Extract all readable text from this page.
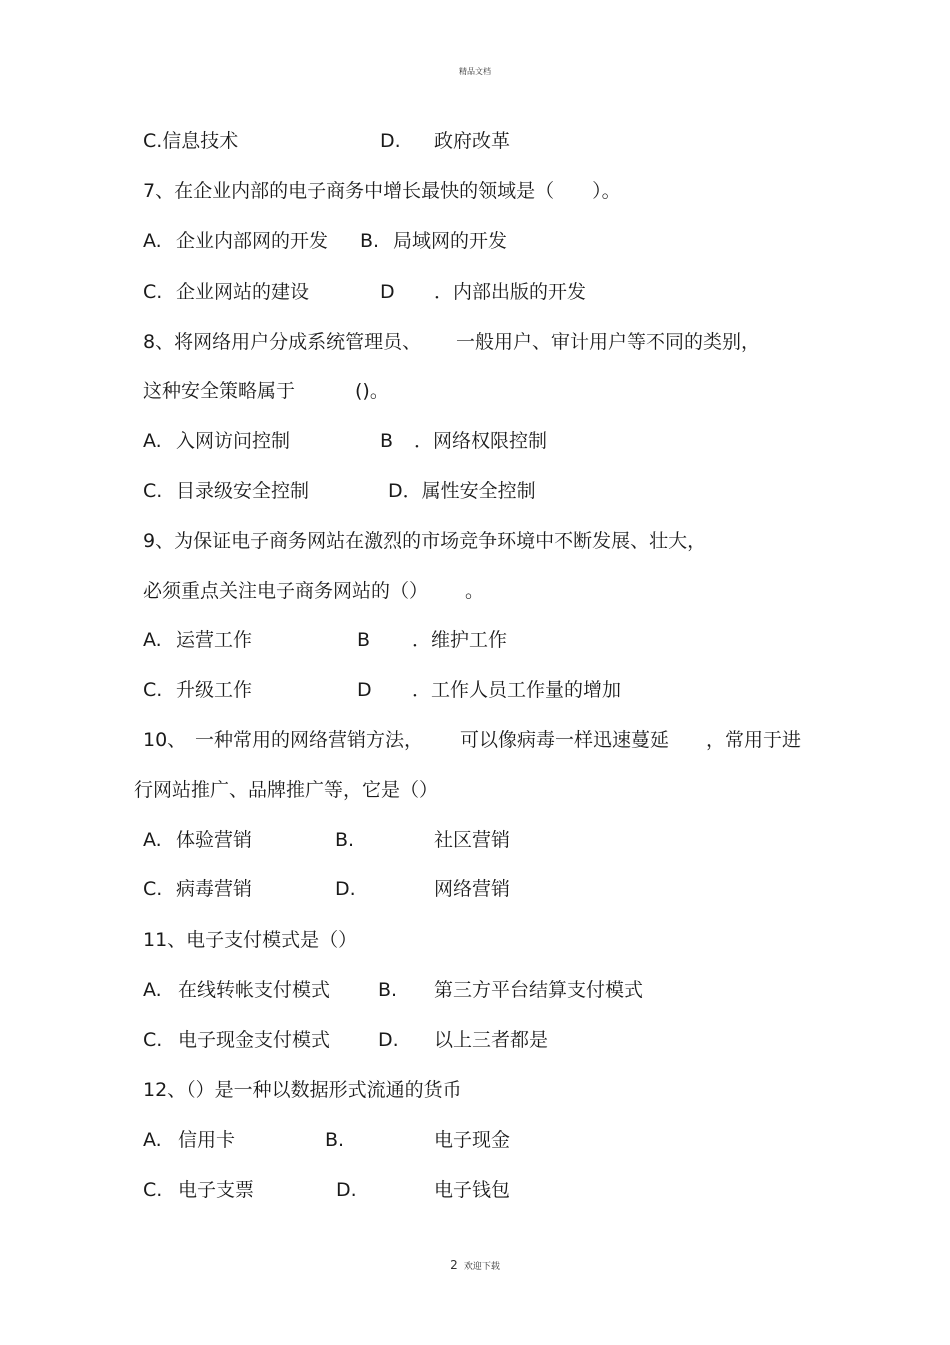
精品文档
C.信息技术	D. 政府改革
7、在企业内部的电子商务中增长最快的领域是（　　）。
A. 企业内部网的开发 B. 局域网的开发
C. 企业网站的建设	D ．内部出版的开发
8、将网络用户分成系统管理员、 一般用户、审计用户等不同的类别，
这种安全策略属于	()。
A. 入网访问控制	B ．网络权限控制
C. 目录级安全控制	D．属性安全控制
9、为保证电子商务网站在激烈的市场竞争环境中不断发展、壮大，
必须重点关注电子商务网站的（） 。
A. 运营工作	B ．维护工作
C. 升级工作	D ．工作人员工作量的增加
10、 一种常用的网络营销方法， 可以像病毒一样迅速蔓延 ，常用于进
行网站推广、品牌推广等，它是（）
A. 体验营销	B.	社区营销
C. 病毒营销	D.	网络营销
11、电子支付模式是（）
A. 在线转帐支付模式	B. 第三方平台结算支付模式
C. 电子现金支付模式	D. 以上三者都是
12、（）是一种以数据形式流通的货币
A. 信用卡	B.	电子现金
C. 电子支票	D.	电子钱包
2 欢迎下载
